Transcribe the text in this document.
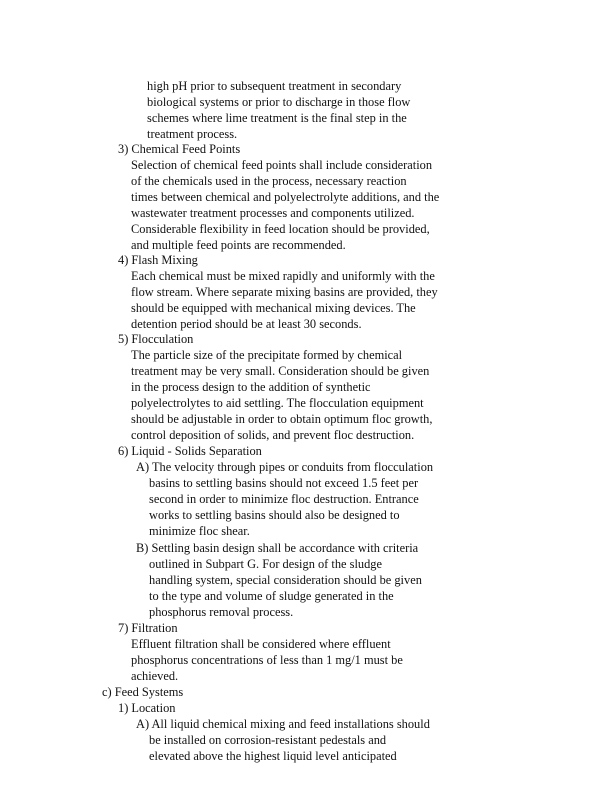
high pH prior to subsequent treatment in secondary
biological systems or prior to discharge in those flow
schemes where lime treatment is the final step in the
treatment process.
3) Chemical Feed Points
Selection of chemical feed points shall include consideration
of the chemicals used in the process, necessary reaction
times between chemical and polyelectrolyte additions, and the
wastewater treatment processes and components utilized.
Considerable flexibility in feed location should be provided,
and multiple feed points are recommended.
4) Flash Mixing
Each chemical must be mixed rapidly and uniformly with the
flow stream. Where separate mixing basins are provided, they
should be equipped with mechanical mixing devices. The
detention period should be at least 30 seconds.
5) Flocculation
The particle size of the precipitate formed by chemical
treatment may be very small. Consideration should be given
in the process design to the addition of synthetic
polyelectrolytes to aid settling. The flocculation equipment
should be adjustable in order to obtain optimum floc growth,
control deposition of solids, and prevent floc destruction.
6) Liquid - Solids Separation
A) The velocity through pipes or conduits from flocculation
basins to settling basins should not exceed 1.5 feet per
second in order to minimize floc destruction. Entrance
works to settling basins should also be designed to
minimize floc shear.
B) Settling basin design shall be accordance with criteria
outlined in Subpart G. For design of the sludge
handling system, special consideration should be given
to the type and volume of sludge generated in the
phosphorus removal process.
7) Filtration
Effluent filtration shall be considered where effluent
phosphorus concentrations of less than 1 mg/1 must be
achieved.
c) Feed Systems
1) Location
A) All liquid chemical mixing and feed installations should
be installed on corrosion-resistant pedestals and
elevated above the highest liquid level anticipated
